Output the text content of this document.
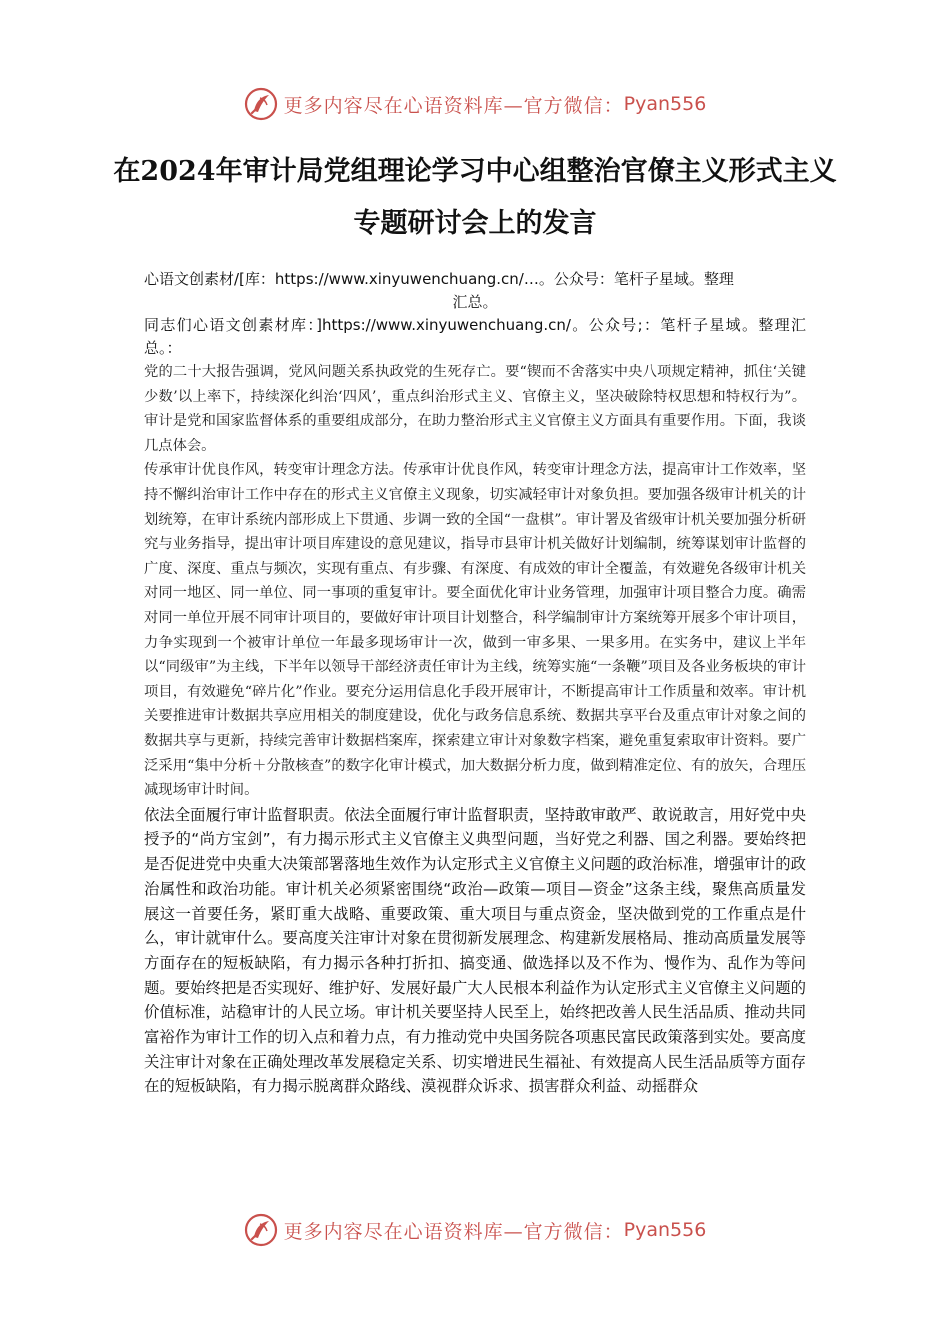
更多内容尽在心语资料库—官方微信： Pyan556
在2024年审计局党组理论学习中心组整治官僚主义形式主义专题研讨会上的发言
心语文创素材/[库：https://www.xinyuwenchuang.cn/…。公众号：笔杆子星域。整理
汇总。
同志们心语文创素材库：]https://www.xinyuwenchuang.cn/。公众号;：笔杆子星域。整理汇总。：

党的二十大报告强调，党风问题关系执政党的生死存亡。要“锲而不舍落实中央八项规定精神，抓住‘关键少数’以上率下，持续深化纠治‘四风’，重点纠治形式主义、官僚主义，坚决破除特权思想和特权行为”。审计是党和国家监督体系的重要组成部分，在助力整治形式主义官僚主义方面具有重要作用。下面，我谈几点体会。

传承审计优良作风，转变审计理念方法。传承审计优良作风，转变审计理念方法，提高审计工作效率，坚持不懈纠治审计工作中存在的形式主义官僚主义现象，切实减轻审计对象负担。要加强各级审计机关的计划统筹，在审计系统内部形成上下贯通、步调一致的全国“一盘棋”。审计署及省级审计机关要加强分析研究与业务指导，提出审计项目库建设的意见建议，指导市县审计机关做好计划编制，统筹谋划审计监督的广度、深度、重点与频次，实现有重点、有步骤、有深度、有成效的审计全覆盖，有效避免各级审计机关对同一地区、同一单位、同一事项的重复审计。要全面优化审计业务管理，加强审计项目整合力度。确需对同一单位开展不同审计项目的，要做好审计项目计划整合，科学编制审计方案统筹开展多个审计项目，力争实现到一个被审计单位一年最多现场审计一次，做到一审多果、一果多用。在实务中，建议上半年以“同级审”为主线，下半年以领导干部经济责任审计为主线，统筹实施“一条鞭”项目及各业务板块的审计项目，有效避免“碎片化”作业。要充分运用信息化手段开展审计，不断提高审计工作质量和效率。审计机关要推进审计数据共享应用相关的制度建设，优化与政务信息系统、数据共享平台及重点审计对象之间的数据共享与更新，持续完善审计数据档案库，探索建立审计对象数字档案，避免重复索取审计资料。要广泛采用“集中分析＋分散核查”的数字化审计模式，加大数据分析力度，做到精准定位、有的放矢，合理压减现场审计时间。

依法全面履行审计监督职责。依法全面履行审计监督职责，坚持敢审敢严、敢说敢言，用好党中央授予的“尚方宝剑”，有力揭示形式主义官僚主义典型问题，当好党之利器、国之利器。要始终把是否促进党中央重大决策部署落地生效作为认定形式主义官僚主义问题的政治标准，增强审计的政治属性和政治功能。审计机关必须紧密围绕“政治—政策—项目—资金”这条主线，聚焦高质量发展这一首要任务，紧盯重大战略、重要政策、重大项目与重点资金，坚决做到党的工作重点是什么，审计就审什么。要高度关注审计对象在贯彻新发展理念、构建新发展格局、推动高质量发展等方面存在的短板缺陷，有力揭示各种打折扣、搞变通、做选择以及不作为、慢作为、乱作为等问题。要始终把是否实现好、维护好、发展好最广大人民根本利益作为认定形式主义官僚主义问题的价值标准，站稳审计的人民立场。审计机关要坚持人民至上，始终把改善人民生活品质、推动共同富裕作为审计工作的切入点和着力点，有力推动党中央国务院各项惠民富民政策落到实处。要高度关注审计对象在正确处理改革发展稳定关系、切实增进民生福祉、有效提高人民生活品质等方面存在的短板缺陷，有力揭示脱离群众路线、漠视群众诉求、损害群众利益、动摇群众

更多内容尽在心语资料库—官方微信： Pyan556
